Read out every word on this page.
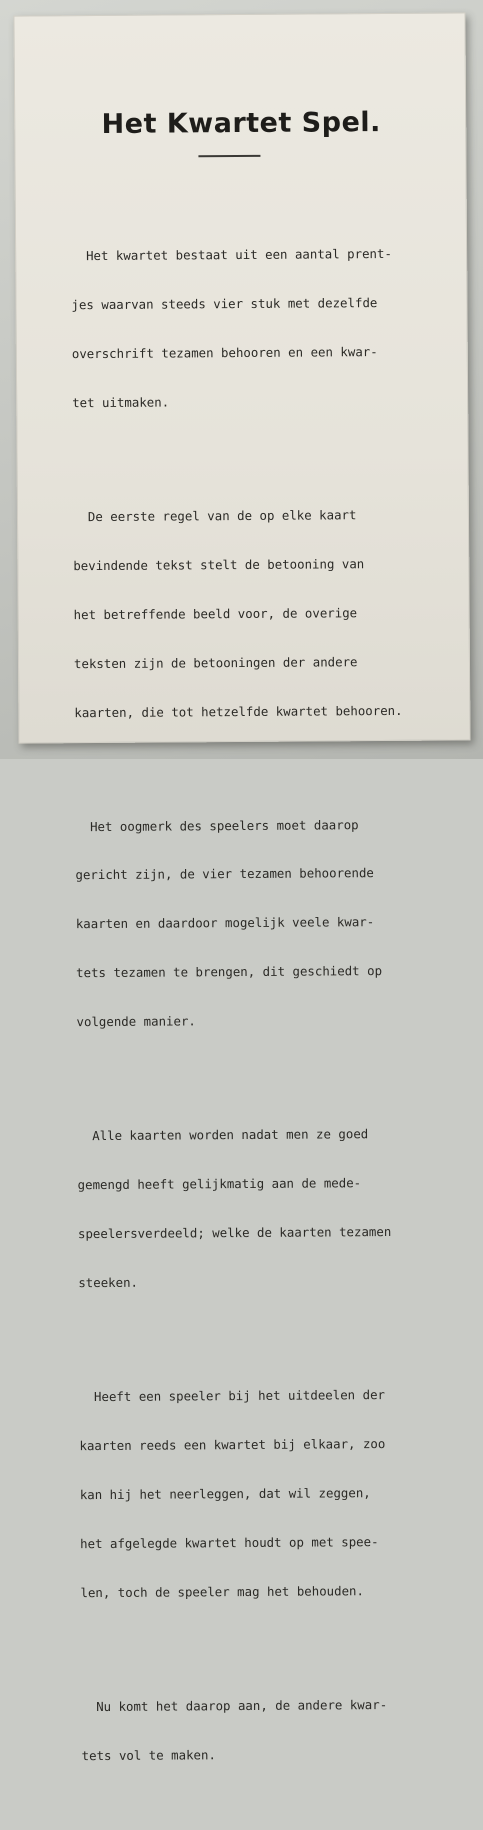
Het Kwartet Spel.

Het kwartet bestaat uit een aantal prent-

jes waarvan steeds vier stuk met dezelfde

overschrift tezamen behooren en een kwar-

tet uitmaken.

De eerste regel van de op elke kaart

bevindende tekst stelt de betooning van

het betreffende beeld voor, de overige

teksten zijn de betooningen der andere

kaarten, die tot hetzelfde kwartet behooren.

Het oogmerk des speelers moet daarop

gericht zijn, de vier tezamen behoorende

kaarten en daardoor mogelijk veele kwar-

tets tezamen te brengen, dit geschiedt op

volgende manier.

Alle kaarten worden nadat men ze goed

gemengd heeft gelijkmatig aan de mede-

speelersverdeeld; welke de kaarten tezamen

steeken.

Heeft een speeler bij het uitdeelen der

kaarten reeds een kwartet bij elkaar, zoo

kan hij het neerleggen, dat wil zeggen,

het afgelegde kwartet houdt op met spee-

len, toch de speeler mag het behouden.

Nu komt het daarop aan, de andere kwar-

tets vol te maken.
